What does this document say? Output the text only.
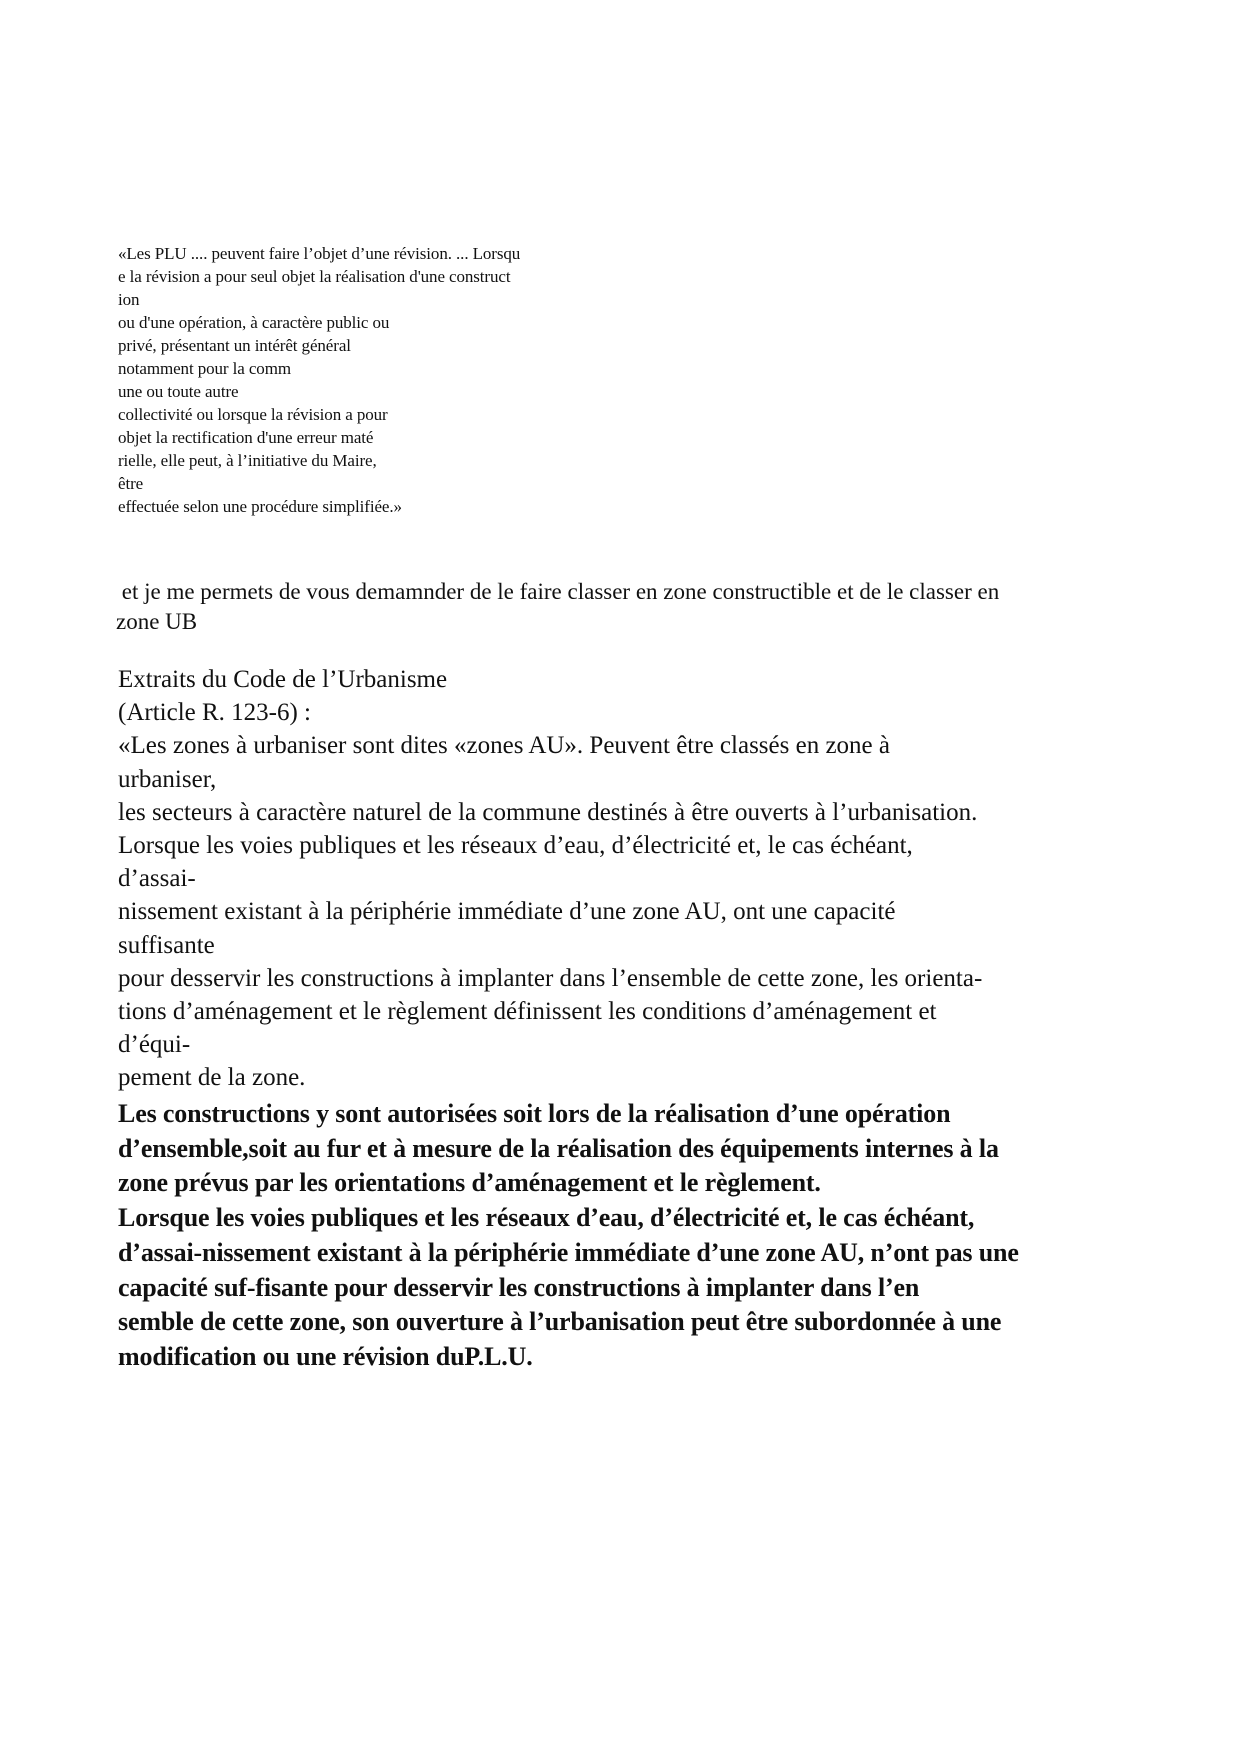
«Les PLU .... peuvent faire l’objet d’une révision. ... Lorsqu
e la révision a pour seul objet la réalisation d'une construct
ion
ou d'une opération, à caractère public ou
privé, présentant un intérêt général
notamment pour la comm
une ou toute autre
collectivité ou lorsque la révision a pour
objet la rectification d'une erreur maté
rielle, elle peut, à l’initiative du Maire,
être
effectuée selon une procédure simplifiée.»
et je me permets de vous demamnder de le faire classer en zone constructible et de le classer en
zone UB
Extraits du Code de l’Urbanisme
(Article R. 123-6) :
«Les zones à urbaniser sont dites «zones AU». Peuvent être classés en zone à
urbaniser,
les secteurs à caractère naturel de la commune destinés à être ouverts à l’urbanisation.
Lorsque les voies publiques et les réseaux d’eau, d’électricité et, le cas échéant,
d’assai-
nissement existant à la périphérie immédiate d’une zone AU, ont une capacité
suffisante
pour desservir les constructions à implanter dans l’ensemble de cette zone, les orienta-
tions d’aménagement et le règlement définissent les conditions d’aménagement et
d’équi-
pement de la zone.
Les constructions y sont autorisées soit lors de la réalisation d’une opération
d’ensemble,soit au fur et à mesure de la réalisation des équipements internes à la
zone prévus par les orientations d’aménagement et le règlement.
Lorsque les voies publiques et les réseaux d’eau, d’électricité et, le cas échéant,
d’assai-nissement existant à la périphérie immédiate d’une zone AU, n’ont pas une
capacité suf-fisante pour desservir les constructions à implanter dans l’en
semble de cette zone, son ouverture à l’urbanisation peut être subordonnée à une
modification ou une révision duP.L.U.
